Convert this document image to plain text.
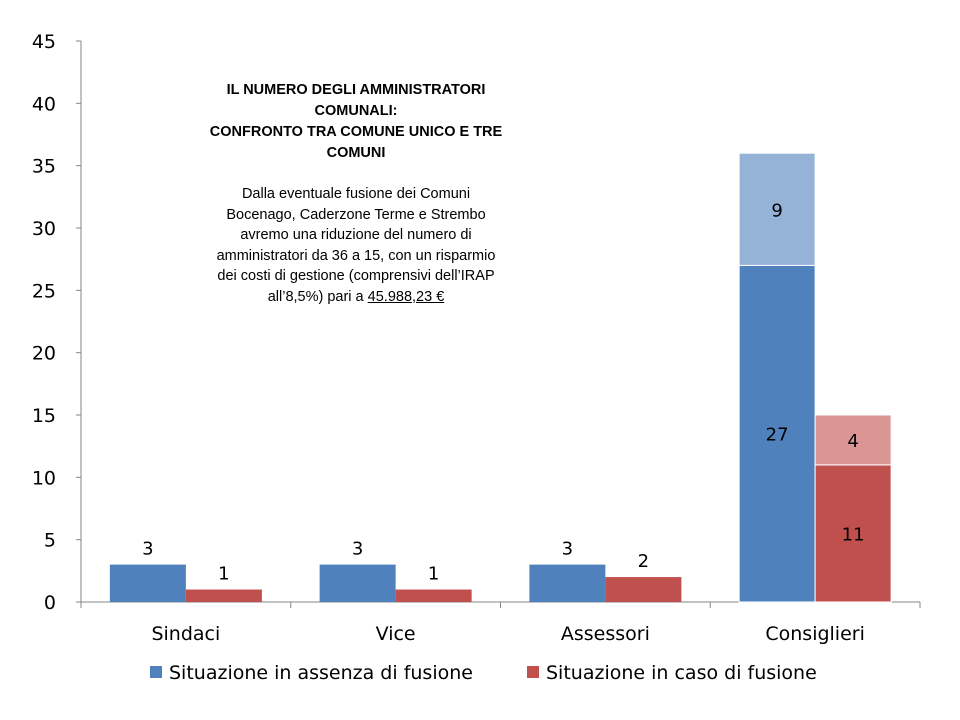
0
5
10
15
20
25
30
35
40
45
Sindaci	Vice	Assessori	Consiglieri
3	3	3
27
9
1	1
2
11
4
Situazione in assenza di fusione	Situazione in caso di fusione

IL NUMERO DEGLI AMMINISTRATORI
COMUNALI:
CONFRONTO TRA COMUNE UNICO E TRE
COMUNI

Dalla eventuale fusione dei Comuni
Bocenago, Caderzone Terme e Strembo
avremo una riduzione del numero di
amministratori da 36 a 15, con un risparmio
dei costi di gestione (comprensivi dell’IRAP
all’8,5%) pari a 45.988,23 €
